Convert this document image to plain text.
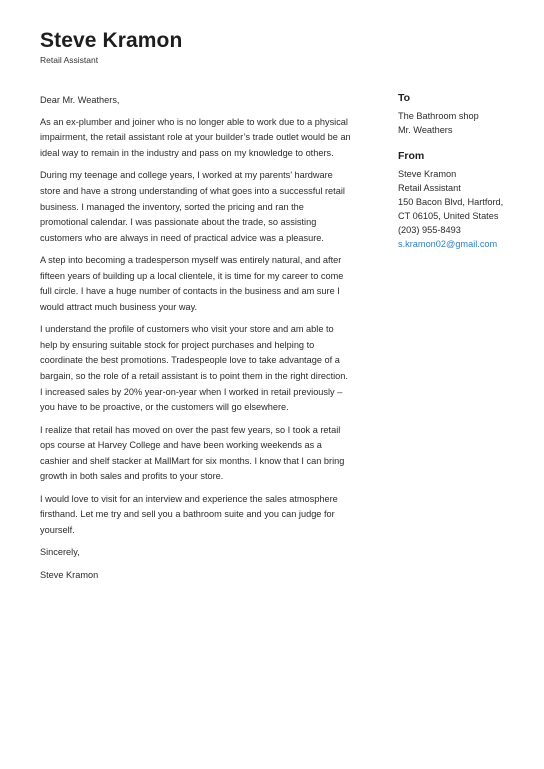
Steve Kramon
Retail Assistant

Dear Mr. Weathers,

As an ex-plumber and joiner who is no longer able to work due to a physical impairment, the retail assistant role at your builder’s trade outlet would be an ideal way to remain in the industry and pass on my knowledge to others.

During my teenage and college years, I worked at my parents’ hardware store and have a strong understanding of what goes into a successful retail business. I managed the inventory, sorted the pricing and ran the promotional calendar. I was passionate about the trade, so assisting customers who are always in need of practical advice was a pleasure.

A step into becoming a tradesperson myself was entirely natural, and after fifteen years of building up a local clientele, it is time for my career to come full circle. I have a huge number of contacts in the business and am sure I would attract much business your way.

I understand the profile of customers who visit your store and am able to help by ensuring suitable stock for project purchases and helping to coordinate the best promotions. Tradespeople love to take advantage of a bargain, so the role of a retail assistant is to point them in the right direction. I increased sales by 20% year-on-year when I worked in retail previously – you have to be proactive, or the customers will go elsewhere.

I realize that retail has moved on over the past few years, so I took a retail ops course at Harvey College and have been working weekends as a cashier and shelf stacker at MallMart for six months. I know that I can bring growth in both sales and profits to your store.

I would love to visit for an interview and experience the sales atmosphere firsthand. Let me try and sell you a bathroom suite and you can judge for yourself.

Sincerely,

Steve Kramon

To
The Bathroom shop
Mr. Weathers
From
Steve Kramon
Retail Assistant
150 Bacon Blvd, Hartford,
CT 06105, United States
(203) 955-8493
s.kramon02@gmail.com
